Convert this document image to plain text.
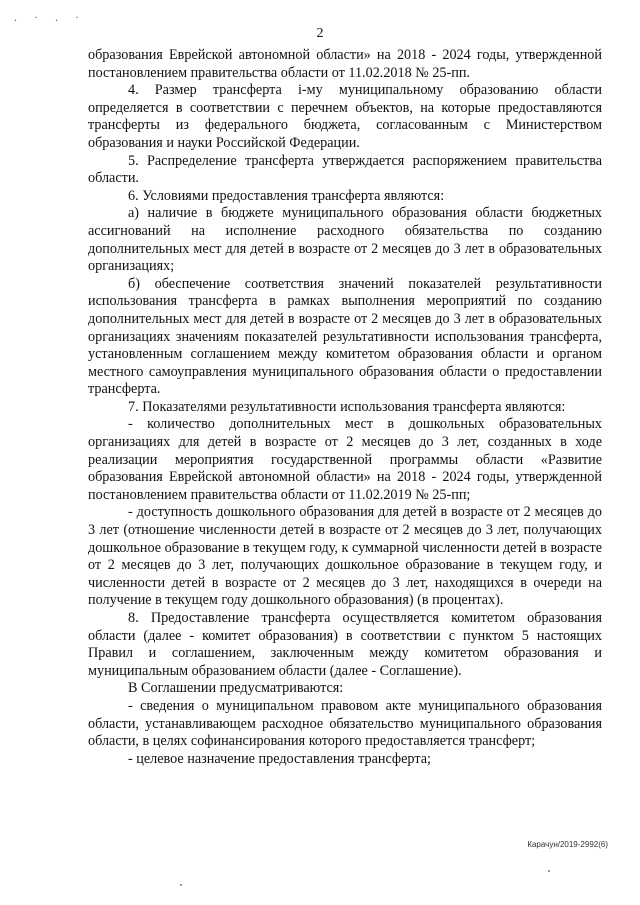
. · . ·
2

образования Еврейской автономной области» на 2018 - 2024 годы, утвержденной постановлением правительства области от 11.02.2018 № 25-пп.

4. Размер трансферта i-му муниципальному образованию области определяется в соответствии с перечнем объектов, на которые предоставляются трансферты из федерального бюджета, согласованным с Министерством образования и науки Российской Федерации.

5. Распределение трансферта утверждается распоряжением правительства области.

6. Условиями предоставления трансферта являются:

а) наличие в бюджете муниципального образования области бюджетных ассигнований на исполнение расходного обязательства по созданию дополнительных мест для детей в возрасте от 2 месяцев до 3 лет в образовательных организациях;

б) обеспечение соответствия значений показателей результативности использования трансферта в рамках выполнения мероприятий по созданию дополнительных мест для детей в возрасте от 2 месяцев до 3 лет в образовательных организациях значениям показателей результативности использования трансферта, установленным соглашением между комитетом образования области и органом местного самоуправления муниципального образования области о предоставлении трансферта.

7. Показателями результативности использования трансферта являются:

- количество дополнительных мест в дошкольных образовательных организациях для детей в возрасте от 2 месяцев до 3 лет, созданных в ходе реализации мероприятия государственной программы области «Развитие образования Еврейской автономной области» на 2018 - 2024 годы, утвержденной постановлением правительства области от 11.02.2019 № 25-пп;

- доступность дошкольного образования для детей в возрасте от 2 месяцев до 3 лет (отношение численности детей в возрасте от 2 месяцев до 3 лет, получающих дошкольное образование в текущем году, к суммарной численности детей в возрасте от 2 месяцев до 3 лет, получающих дошкольное образование в текущем году, и численности детей в возрасте от 2 месяцев до 3 лет, находящихся в очереди на получение в текущем году дошкольного образования) (в процентах).

8. Предоставление трансферта осуществляется комитетом образования области (далее - комитет образования) в соответствии с пунктом 5 настоящих Правил и соглашением, заключенным между комитетом образования и муниципальным образованием области (далее - Соглашение).

В Соглашении предусматриваются:

- сведения о муниципальном правовом акте муниципального образования области, устанавливающем расходное обязательство муниципального образования области, в целях софинансирования которого предоставляется трансферт;

- целевое назначение предоставления трансферта;

Карачун/2019-2992(6)
